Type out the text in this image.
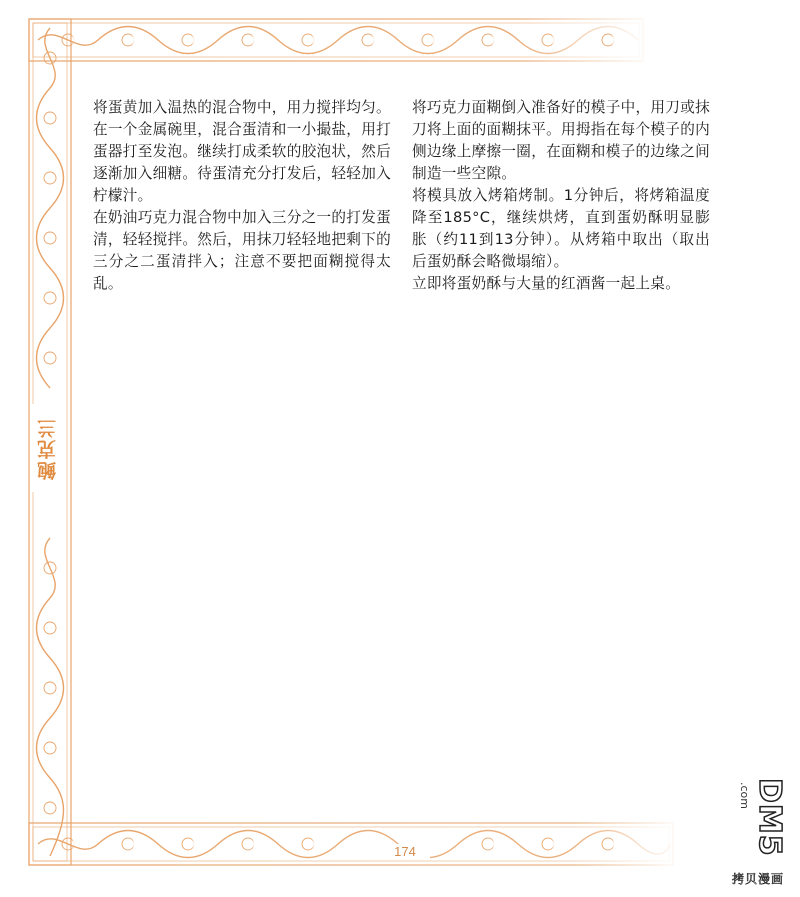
鲍克兰

将蛋黄加入温热的混合物中，用力搅拌均匀。

在一个金属碗里，混合蛋清和一小撮盐，用打蛋器打至发泡。继续打成柔软的胶泡状，然后逐渐加入细糖。待蛋清充分打发后，轻轻加入柠檬汁。

在奶油巧克力混合物中加入三分之一的打发蛋清，轻轻搅拌。然后，用抹刀轻轻地把剩下的三分之二蛋清拌入；注意不要把面糊搅得太乱。

将巧克力面糊倒入准备好的模子中，用刀或抹刀将上面的面糊抹平。用拇指在每个模子的内侧边缘上摩擦一圈，在面糊和模子的边缘之间制造一些空隙。

将模具放入烤箱烤制。1分钟后，将烤箱温度降至185°C，继续烘烤，直到蛋奶酥明显膨胀（约11到13分钟）。从烤箱中取出（取出后蛋奶酥会略微塌缩）。

立即将蛋奶酥与大量的红酒酱一起上桌。

174
.com DM5
拷贝漫画
